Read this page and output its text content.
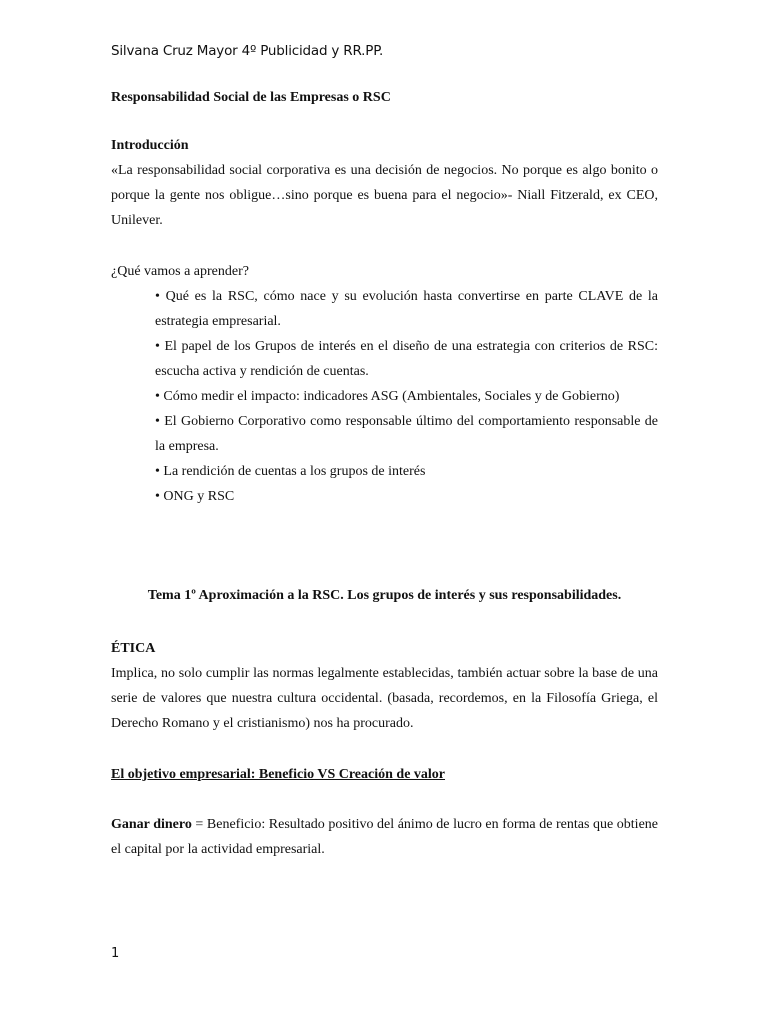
Silvana Cruz Mayor 4º Publicidad y RR.PP.
Responsabilidad Social de las Empresas o RSC
Introducción
«La responsabilidad social corporativa es una decisión de negocios. No porque es algo bonito o porque la gente nos obligue…sino porque es buena para el negocio»- Niall Fitzerald, ex CEO, Unilever.
¿Qué vamos a aprender?
• Qué es la RSC, cómo nace y su evolución hasta convertirse en parte CLAVE de la estrategia empresarial.
• El papel de los Grupos de interés en el diseño de una estrategia con criterios de RSC: escucha activa y rendición de cuentas.
• Cómo medir el impacto: indicadores ASG (Ambientales, Sociales y de Gobierno)
• El Gobierno Corporativo como responsable último del comportamiento responsable de la empresa.
• La rendición de cuentas a los grupos de interés
• ONG y RSC
Tema 1º Aproximación a la RSC. Los grupos de interés y sus responsabilidades.
ÉTICA
Implica, no solo cumplir las normas legalmente establecidas, también actuar sobre la base de una serie de valores que nuestra cultura occidental. (basada, recordemos, en la Filosofía Griega, el Derecho Romano y el cristianismo) nos ha procurado.
El objetivo empresarial: Beneficio VS Creación de valor
Ganar dinero = Beneficio: Resultado positivo del ánimo de lucro en forma de rentas que obtiene el capital por la actividad empresarial.
1
